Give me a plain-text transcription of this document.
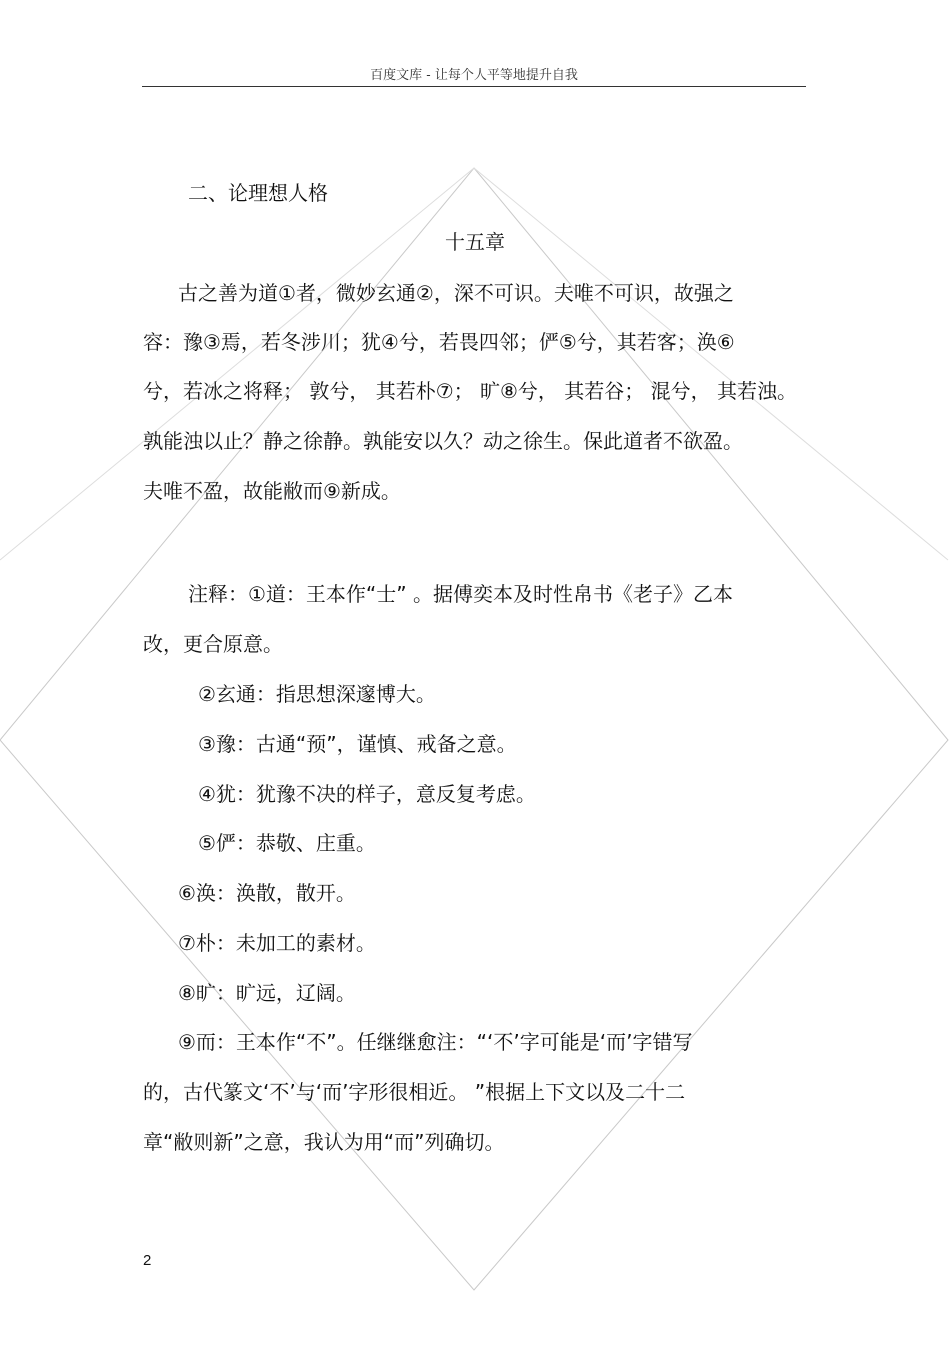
百度文库 - 让每个人平等地提升自我
二、论理想人格
十五章
古之善为道①者，微妙玄通②，深不可识。夫唯不可识，故强之
容：豫③焉，若冬涉川；犹④兮，若畏四邻；俨⑤兮，其若客；涣⑥
兮，若冰之将释； 敦兮， 其若朴⑦； 旷⑧兮， 其若谷； 混兮， 其若浊。
孰能浊以止？静之徐静。孰能安以久？动之徐生。保此道者不欲盈。
夫唯不盈，故能敝而⑨新成。
注释：①道：王本作“士” 。据傅奕本及时性帛书《老子》乙本
改，更合原意。
②玄通：指思想深邃博大。
③豫：古通“预”，谨慎、戒备之意。
④犹：犹豫不决的样子，意反复考虑。
⑤俨：恭敬、庄重。
⑥涣：涣散，散开。
⑦朴：未加工的素材。
⑧旷：旷远，辽阔。
⑨而：王本作“不”。任继继愈注：“‘不’字可能是‘而’字错写
的，古代篆文‘不’与‘而’字形很相近。 ”根据上下文以及二十二
章“敝则新”之意，我认为用“而”列确切。
2
